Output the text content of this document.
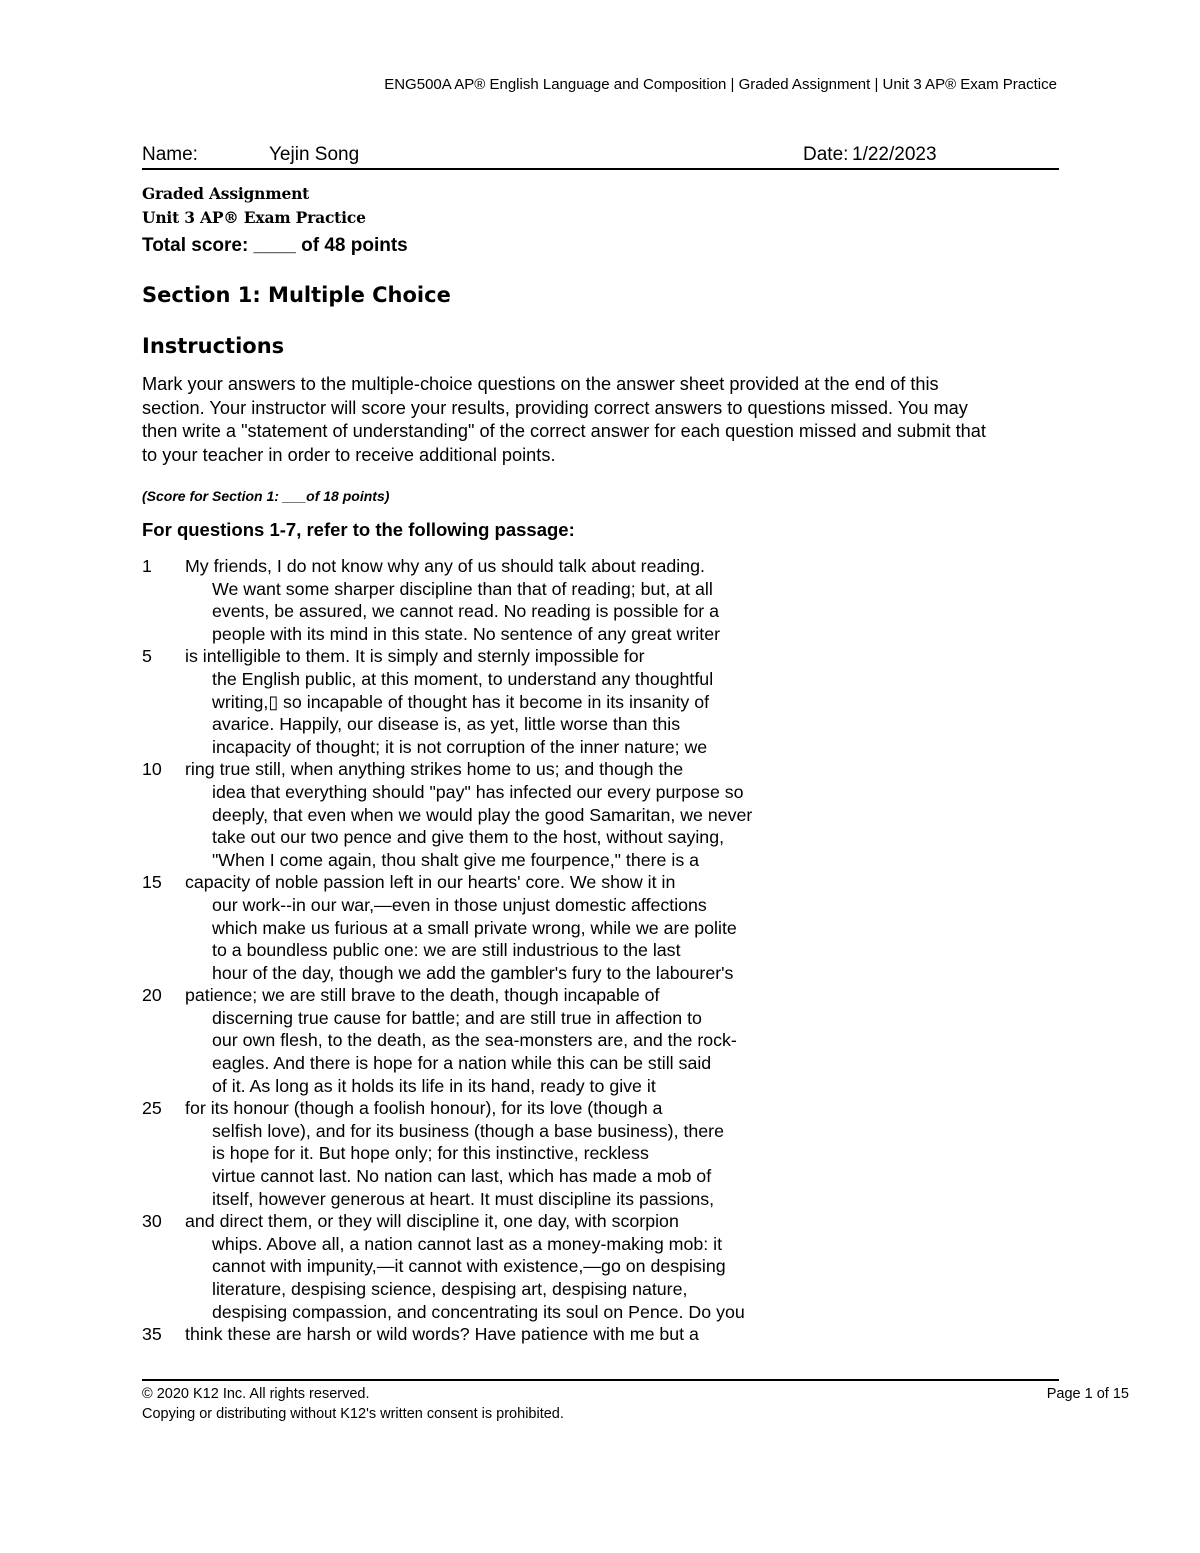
ENG500A AP® English Language and Composition | Graded Assignment | Unit 3 AP® Exam Practice
Name:	Yejin Song	Date: 1/22/2023
Graded Assignment
Unit 3 AP® Exam Practice
Total score: ____ of 48 points
Section 1: Multiple Choice
Instructions
Mark your answers to the multiple-choice questions on the answer sheet provided at the end of this
section. Your instructor will score your results, providing correct answers to questions missed. You may
then write a "statement of understanding" of the correct answer for each question missed and submit that
to your teacher in order to receive additional points.
(Score for Section 1: ___of 18 points)
For questions 1-7, refer to the following passage:
1 My friends, I do not know why any of us should talk about reading.
We want some sharper discipline than that of reading; but, at all
events, be assured, we cannot read. No reading is possible for a
people with its mind in this state. No sentence of any great writer
5 is intelligible to them. It is simply and sternly impossible for
the English public, at this moment, to understand any thoughtful
writing,▯ so incapable of thought has it become in its insanity of
avarice. Happily, our disease is, as yet, little worse than this
incapacity of thought; it is not corruption of the inner nature; we
10 ring true still, when anything strikes home to us; and though the
idea that everything should "pay" has infected our every purpose so
deeply, that even when we would play the good Samaritan, we never
take out our two pence and give them to the host, without saying,
"When I come again, thou shalt give me fourpence," there is a
15 capacity of noble passion left in our hearts' core. We show it in
our work--in our war,—even in those unjust domestic affections
which make us furious at a small private wrong, while we are polite
to a boundless public one: we are still industrious to the last
hour of the day, though we add the gambler's fury to the labourer's
20 patience; we are still brave to the death, though incapable of
discerning true cause for battle; and are still true in affection to
our own flesh, to the death, as the sea-monsters are, and the rock-
eagles. And there is hope for a nation while this can be still said
of it. As long as it holds its life in its hand, ready to give it
25 for its honour (though a foolish honour), for its love (though a
selfish love), and for its business (though a base business), there
is hope for it. But hope only; for this instinctive, reckless
virtue cannot last. No nation can last, which has made a mob of
itself, however generous at heart. It must discipline its passions,
30 and direct them, or they will discipline it, one day, with scorpion
whips. Above all, a nation cannot last as a money-making mob: it
cannot with impunity,—it cannot with existence,—go on despising
literature, despising science, despising art, despising nature,
despising compassion, and concentrating its soul on Pence. Do you
35 think these are harsh or wild words? Have patience with me but a
© 2020 K12 Inc. All rights reserved.	Page 1 of 15
Copying or distributing without K12's written consent is prohibited.
